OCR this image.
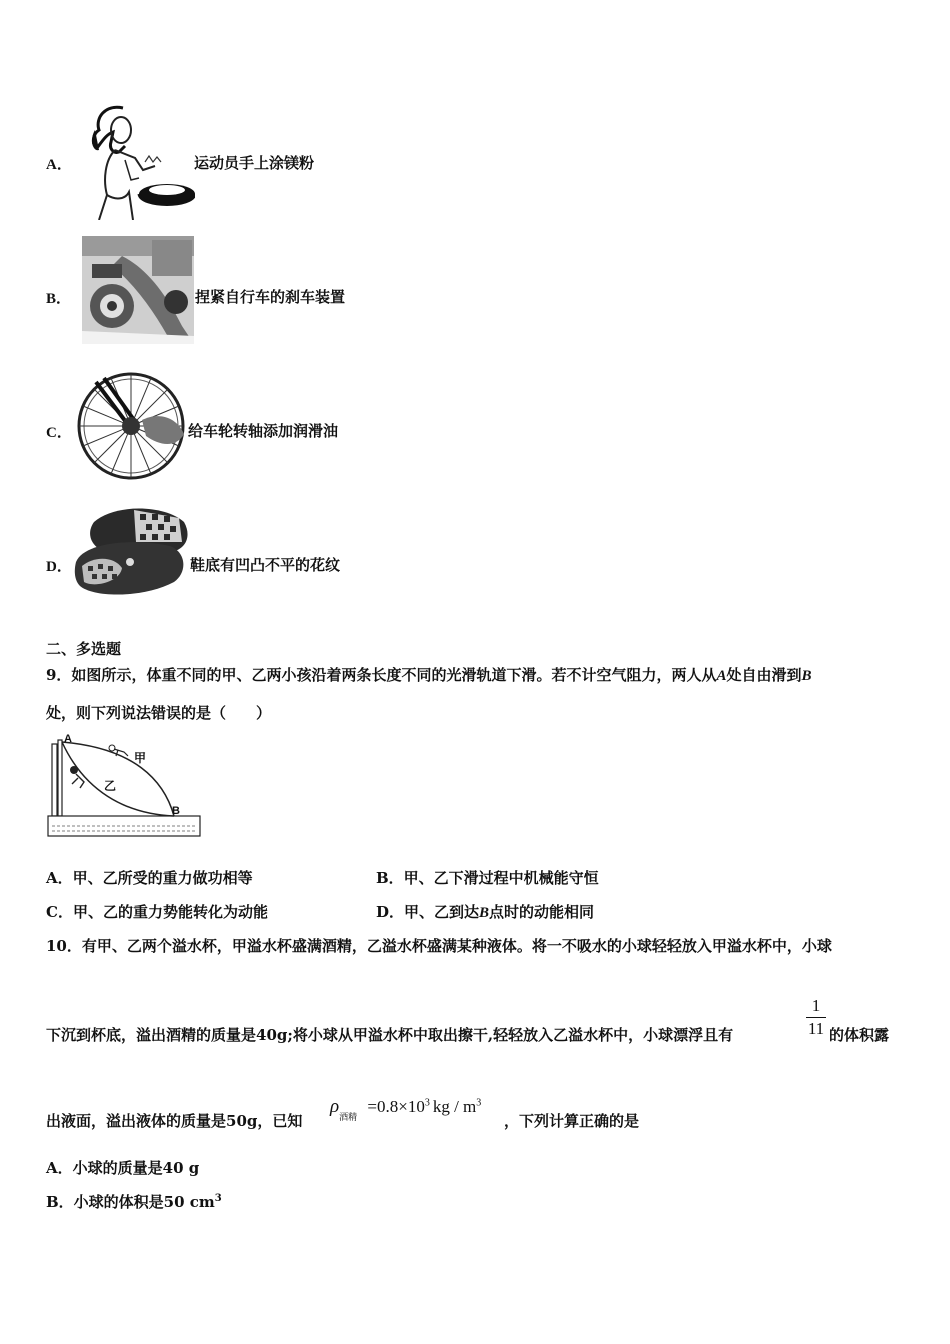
A．	运动员手上涂镁粉
B．	捏紧自行车的刹车装置
C．	给车轮转轴添加润滑油
D．	鞋底有凹凸不平的花纹
二、多选题
9．如图所示，体重不同的甲、乙两小孩沿着两条长度不同的光滑轨道下滑。若不计空气阻力，两人从A处自由滑到B
处，则下列说法错误的是（　　）
A
B
甲
乙
A．甲、乙所受的重力做功相等	B．甲、乙下滑过程中机械能守恒
C．甲、乙的重力势能转化为动能	D．甲、乙到达B点时的动能相同
10．有甲、乙两个溢水杯，甲溢水杯盛满酒精，乙溢水杯盛满某种液体。将一不吸水的小球轻轻放入甲溢水杯中，小球
下沉到杯底，溢出酒精的质量是40g;将小球从甲溢水杯中取出擦干,轻轻放入乙溢水杯中，小球漂浮且有
1
11 的体积露
出液面，溢出液体的质量是50g，已知
$\rho_{酒精} =0.8\times 10^3$ kg / $m^3$
，下列计算正确的是
A．小球的质量是40 g
B．小球的体积是50 $cm^3$
